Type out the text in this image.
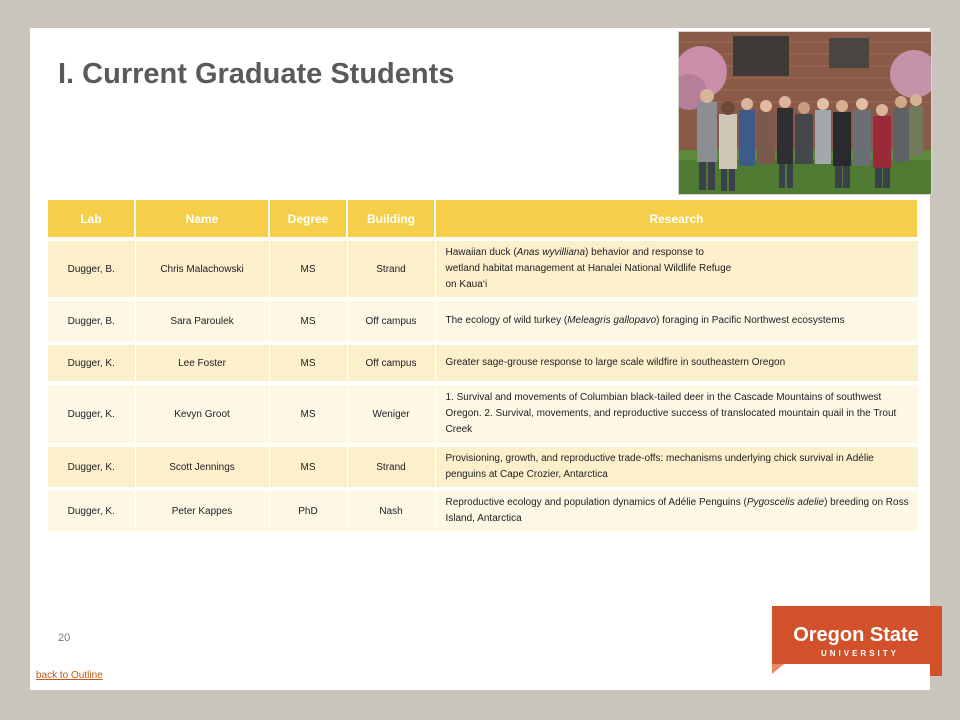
I. Current Graduate Students
Lab	Name	Degree	Building	Research

Dugger, B.	Chris Malachowski	MS	Strand	Hawaiian duck (Anas wyvilliana) behavior and response to
wetland habitat management at Hanalei National Wildlife Refuge
on Kaua‘i

Dugger, B.	Sara Paroulek	MS	Off campus	The ecology of wild turkey (Meleagris gallopavo) foraging in Pacific Northwest ecosystems

Dugger, K.	Lee Foster	MS	Off campus	Greater sage-grouse response to large scale wildfire in southeastern Oregon

Dugger, K.	Kevyn Groot	MS	Weniger	1. Survival and movements of Columbian black-tailed deer in the Cascade Mountains of southwest Oregon. 2. Survival, movements, and reproductive success of translocated mountain quail in the Trout Creek

Dugger, K.	Scott Jennings	MS	Strand	Provisioning, growth, and reproductive trade-offs: mechanisms underlying chick survival in Adélie penguins at Cape Crozier, Antarctica

Dugger, K.	Peter Kappes	PhD	Nash	Reproductive ecology and population dynamics of Adélie Penguins (Pygoscelis adelie) breeding on Ross Island, Antarctica
20
back to Outline
Oregon State
UNIVERSITY
